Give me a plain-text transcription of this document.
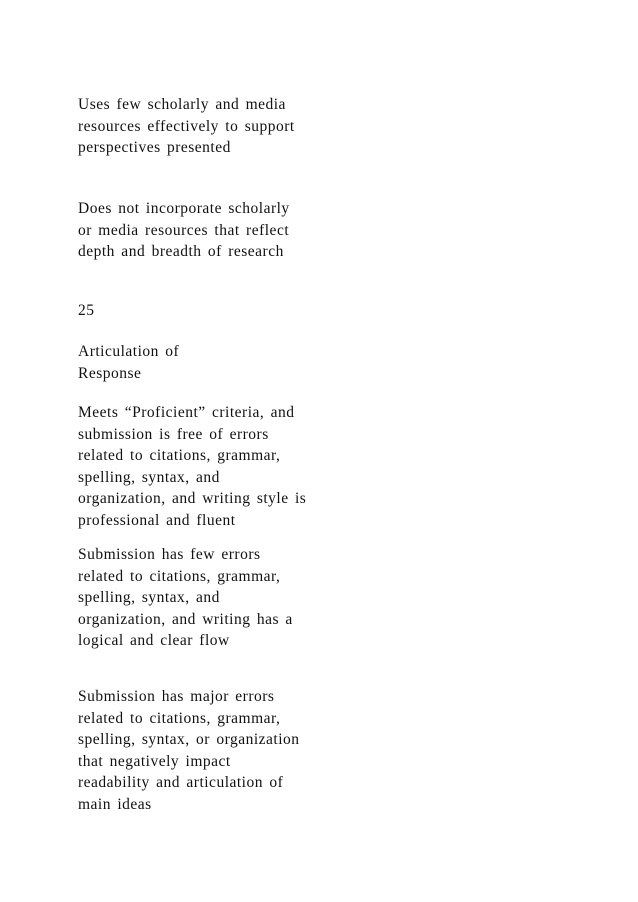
Uses few scholarly and media
resources effectively to support
perspectives presented

Does not incorporate scholarly
or media resources that reflect
depth and breadth of research

25

Articulation of
Response

Meets “Proficient” criteria, and
submission is free of errors
related to citations, grammar,
spelling, syntax, and
organization, and writing style is
professional and fluent

Submission has few errors
related to citations, grammar,
spelling, syntax, and
organization, and writing has a
logical and clear flow

Submission has major errors
related to citations, grammar,
spelling, syntax, or organization
that negatively impact
readability and articulation of
main ideas
